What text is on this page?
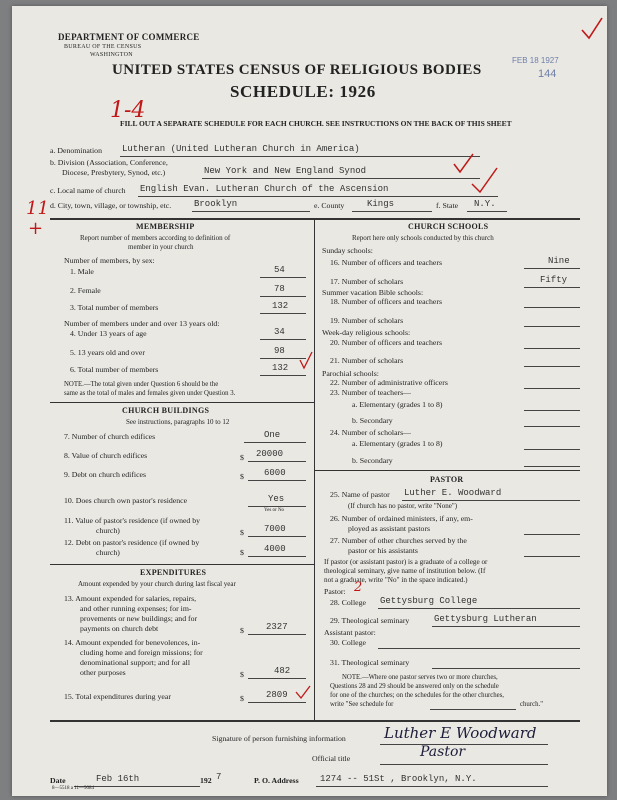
DEPARTMENT OF COMMERCE
BUREAU OF THE CENSUS
WASHINGTON
FEB 18 1927
144
UNITED STATES CENSUS OF RELIGIOUS BODIES
SCHEDULE: 1926
1-4
FILL OUT A SEPARATE SCHEDULE FOR EACH CHURCH. SEE INSTRUCTIONS ON THE BACK OF THIS SHEET
a. Denomination Lutheran (United Lutheran Church in America)
b. Division (Association, Conference,
Diocese, Presbytery, Synod, etc.)	New York and New England Synod
c. Local name of church English Evan. Lutheran Church of the Ascension
11
+
d. City, town, village, or township, etc.	Brooklyn	e. County	Kings	f. State N.Y.
MEMBERSHIP
Report number of members according to definition of
member in your church
Number of members, by sex:
1. Male	54
2. Female	78
3. Total number of members	132
Number of members under and over 13 years old:
4. Under 13 years of age	34
5. 13 years old and over	98
6. Total number of members	132
NOTE.—The total given under Question 6 should be the
same as the total of males and females given under Question 3.
CHURCH BUILDINGS
See instructions, paragraphs 10 to 12
7. Number of church edifices	One
8. Value of church edifices	$ 20000
9. Debt on church edifices	$ 6000
10. Does church own pastor's residence	Yes
Yes or No
11. Value of pastor's residence (if owned by
church)	$ 7000
12. Debt on pastor's residence (if owned by
church)	$ 4000
EXPENDITURES
Amount expended by your church during last fiscal year
13. Amount expended for salaries, repairs,
and other running expenses; for im-
provements or new buildings; and for
payments on church debt	$ 2327
14. Amount expended for benevolences, in-
cluding home and foreign missions; for
denominational support; and for all
other purposes	$	482
15. Total expenditures during year	$ 2809
CHURCH SCHOOLS
Report here only schools conducted by this church
Sunday schools:
16. Number of officers and teachers	Nine
17. Number of scholars	Fifty
Summer vacation Bible schools:
18. Number of officers and teachers
19. Number of scholars
Week-day religious schools:
20. Number of officers and teachers
21. Number of scholars
Parochial schools:
22. Number of administrative officers
23. Number of teachers—
a. Elementary (grades 1 to 8)
b. Secondary
24. Number of scholars—
a. Elementary (grades 1 to 8)
b. Secondary
PASTOR
25. Name of pastor Luther E. Woodward
(If church has no pastor, write "None")
26. Number of ordained ministers, if any, em-
ployed as assistant pastors
27. Number of other churches served by the
pastor or his assistants
If pastor (or assistant pastor) is a graduate of a college or
theological seminary, give name of institution below. (If
not a graduate, write "No" in the space indicated.)
Pastor: 2
28. College Gettysburg College
29. Theological seminary	Gettysburg Lutheran
Assistant pastor:
30. College
31. Theological seminary
NOTE.—Where one pastor serves two or more churches,
Questions 28 and 29 should be answered only on the schedule
for one of the churches; on the schedules for the other churches,
write "See schedule for	church."
Signature of person furnishing information	Luther E Woodward
Official title	Pastor
Date	Feb 16th	192 7	P. O. Address 1274 -- 51St , Brooklyn, N.Y.
8—5518 a 11—9084
